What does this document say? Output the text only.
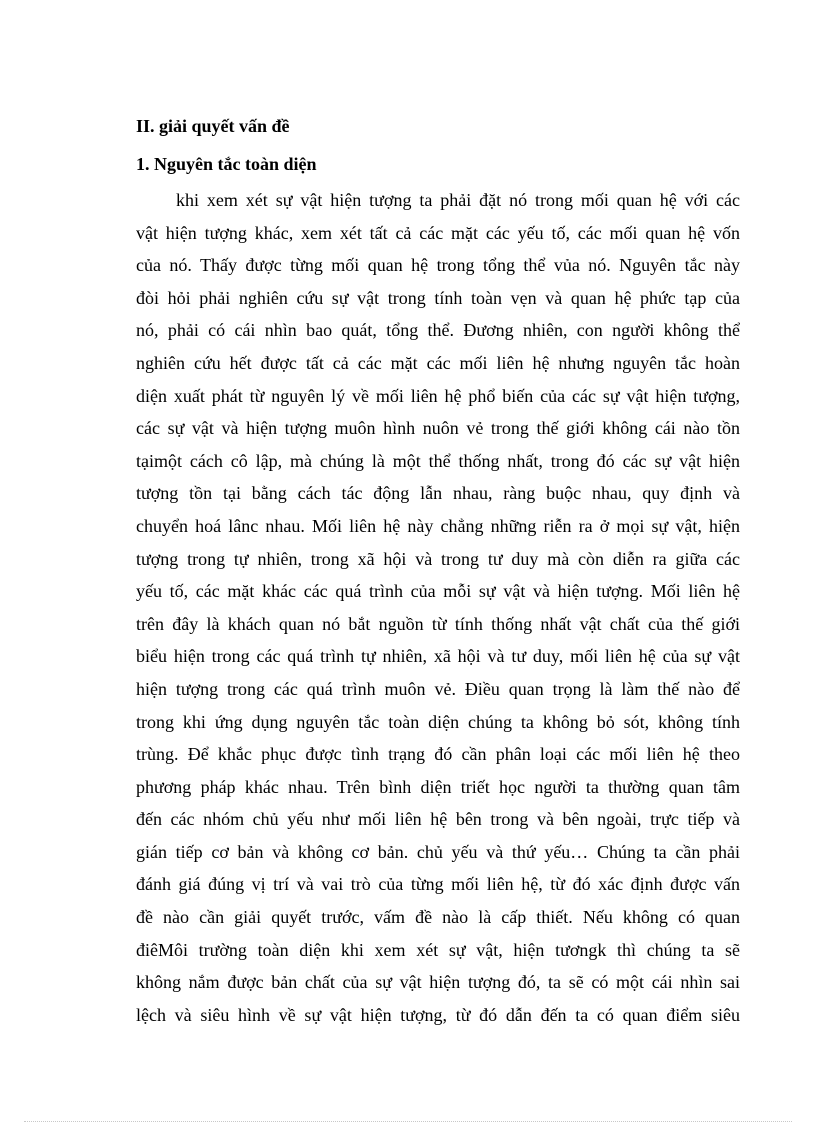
II. giải quyết vấn đề
1. Nguyên tắc toàn diện
khi xem xét sự vật hiện tượng ta phải đặt nó trong mối quan hệ với các
vật hiện tượng khác, xem xét tất cả các mặt các yếu tố, các mối quan hệ vốn
của nó. Thấy được từng mối quan hệ trong tổng thể vủa nó. Nguyên tắc này
đòi hỏi phải nghiên cứu sự vật trong tính toàn vẹn và quan hệ phức tạp của
nó, phải có cái nhìn bao quát, tổng thể. Đương nhiên, con người không thể
nghiên cứu hết được tất cả các mặt các mối liên hệ nhưng nguyên tắc hoàn
diện xuất phát từ nguyên lý về mối liên hệ phổ biến của các sự vật hiện tượng,
các sự vật và hiện tượng muôn hình nuôn vẻ trong thế giới không cái nào tồn
tạimột cách cô lập, mà chúng là một thể thống nhất, trong đó các sự vật hiện
tượng tồn tại bằng cách tác động lẫn nhau, ràng buộc nhau, quy định và
chuyển hoá lânc nhau. Mối liên hệ này chẳng những riễn ra ở mọi sự vật, hiện
tượng trong tự nhiên, trong xã hội và trong tư duy mà còn diễn ra giữa các
yếu tố, các mặt khác các quá trình của mỗi sự vật và hiện tượng. Mối liên hệ
trên đây là khách quan nó bắt nguồn từ tính thống nhất vật chất của thế giới
biểu hiện trong các quá trình tự nhiên, xã hội và tư duy, mối liên hệ của sự vật
hiện tượng trong các quá trình muôn vẻ. Điều quan trọng là làm thế nào để
trong khi ứng dụng nguyên tắc toàn diện chúng ta không bỏ sót, không tính
trùng. Để khắc phục được tình trạng đó cần phân loại các mối liên hệ theo
phương pháp khác nhau. Trên bình diện triết học người ta thường quan tâm
đến các nhóm chủ yếu như mối liên hệ bên trong và bên ngoài, trực tiếp và
gián tiếp cơ bản và không cơ bản. chủ yếu và thứ yếu… Chúng ta cần phải
đánh giá đúng vị trí và vai trò của từng mối liên hệ, từ đó xác định được vấn
đề nào cần giải quyết trước, vấm đề nào là cấp thiết. Nếu không có quan
điêMôi trường toàn diện khi xem xét sự vật, hiện tươngk thì chúng ta sẽ
không nắm được bản chất của sự vật hiện tượng đó, ta sẽ có một cái nhìn sai
lệch và siêu hình về sự vật hiện tượng, từ đó dẫn đến ta có quan điểm siêu
